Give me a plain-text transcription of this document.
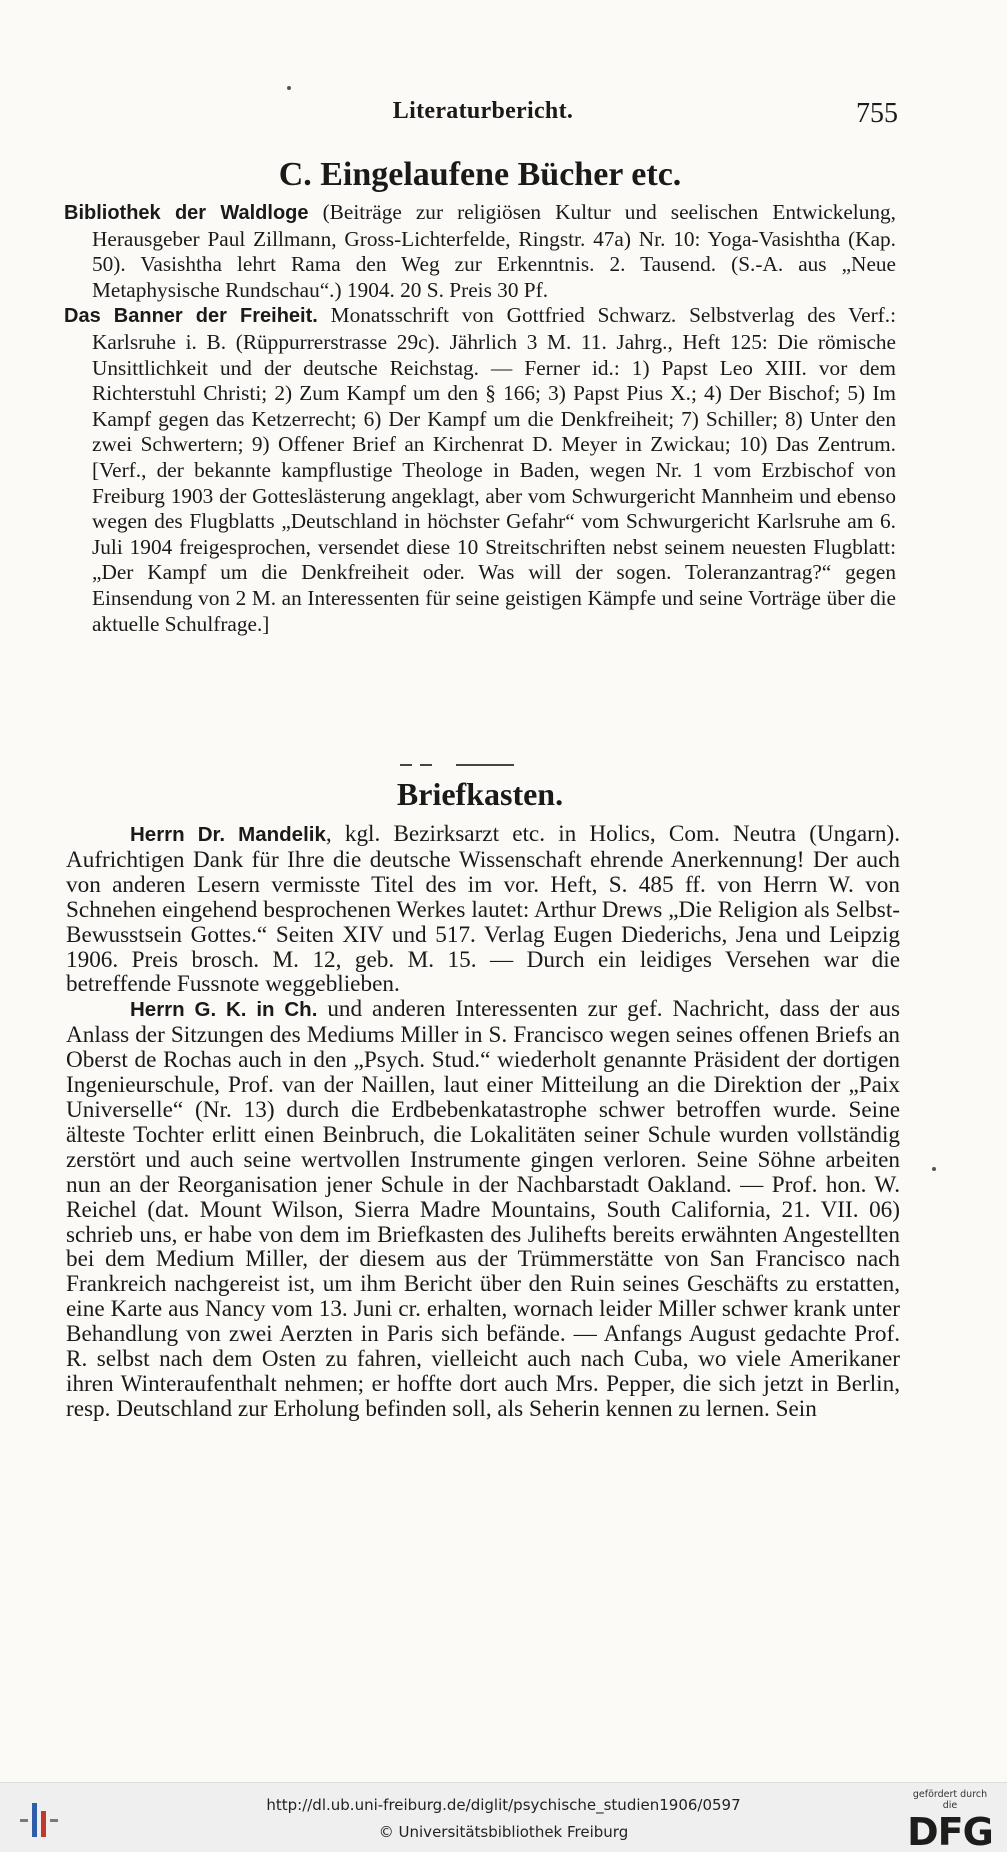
Literaturbericht.	755
C. Eingelaufene Bücher etc.

Bibliothek der Waldloge (Beiträge zur religiösen Kultur und seelischen Entwickelung, Herausgeber Paul Zillmann, Gross-Lichterfelde, Ringstr. 47a) Nr. 10: Yoga-Vasishtha (Kap. 50). Vasishtha lehrt Rama den Weg zur Erkenntnis. 2. Tausend. (S.-A. aus „Neue Metaphysische Rundschau“.) 1904. 20 S. Preis 30 Pf.

Das Banner der Freiheit. Monatsschrift von Gottfried Schwarz. Selbstverlag des Verf.: Karlsruhe i. B. (Rüppurrerstrasse 29c). Jährlich 3 M. 11. Jahrg., Heft 125: Die römische Unsittlichkeit und der deutsche Reichstag. — Ferner id.: 1) Papst Leo XIII. vor dem Richterstuhl Christi; 2) Zum Kampf um den § 166; 3) Papst Pius X.; 4) Der Bischof; 5) Im Kampf gegen das Ketzerrecht; 6) Der Kampf um die Denkfreiheit; 7) Schiller; 8) Unter den zwei Schwertern; 9) Offener Brief an Kirchenrat D. Meyer in Zwickau; 10) Das Zentrum. [Verf., der bekannte kampflustige Theologe in Baden, wegen Nr. 1 vom Erzbischof von Freiburg 1903 der Gotteslästerung angeklagt, aber vom Schwurgericht Mannheim und ebenso wegen des Flugblatts „Deutschland in höchster Gefahr“ vom Schwurgericht Karlsruhe am 6. Juli 1904 freigesprochen, versendet diese 10 Streitschriften nebst seinem neuesten Flugblatt: „Der Kampf um die Denkfreiheit oder. Was will der sogen. Toleranzantrag?“ gegen Einsendung von 2 M. an Interessenten für seine geistigen Kämpfe und seine Vorträge über die aktuelle Schulfrage.]

Briefkasten.

Herrn Dr. Mandelik, kgl. Bezirksarzt etc. in Holics, Com. Neutra (Ungarn). Aufrichtigen Dank für Ihre die deutsche Wissenschaft ehrende Anerkennung! Der auch von anderen Lesern vermisste Titel des im vor. Heft, S. 485 ff. von Herrn W. von Schnehen eingehend besprochenen Werkes lautet: Arthur Drews „Die Religion als Selbst-Bewusstsein Gottes.“ Seiten XIV und 517. Verlag Eugen Diederichs, Jena und Leipzig 1906. Preis brosch. M. 12, geb. M. 15. — Durch ein leidiges Versehen war die betreffende Fussnote weggeblieben.

Herrn G. K. in Ch. und anderen Interessenten zur gef. Nachricht, dass der aus Anlass der Sitzungen des Mediums Miller in S. Francisco wegen seines offenen Briefs an Oberst de Rochas auch in den „Psych. Stud.“ wiederholt genannte Präsident der dortigen Ingenieurschule, Prof. van der Naillen, laut einer Mitteilung an die Direktion der „Paix Universelle“ (Nr. 13) durch die Erdbebenkatastrophe schwer betroffen wurde. Seine älteste Tochter erlitt einen Beinbruch, die Lokalitäten seiner Schule wurden vollständig zerstört und auch seine wertvollen Instrumente gingen verloren. Seine Söhne arbeiten nun an der Reorganisation jener Schule in der Nachbarstadt Oakland. — Prof. hon. W. Reichel (dat. Mount Wilson, Sierra Madre Mountains, South California, 21. VII. 06) schrieb uns, er habe von dem im Briefkasten des Julihefts bereits erwähnten Angestellten bei dem Medium Miller, der diesem aus der Trümmerstätte von San Francisco nach Frankreich nachgereist ist, um ihm Bericht über den Ruin seines Geschäfts zu erstatten, eine Karte aus Nancy vom 13. Juni cr. erhalten, wornach leider Miller schwer krank unter Behandlung von zwei Aerzten in Paris sich befände. — Anfangs August gedachte Prof. R. selbst nach dem Osten zu fahren, vielleicht auch nach Cuba, wo viele Amerikaner ihren Winteraufenthalt nehmen; er hoffte dort auch Mrs. Pepper, die sich jetzt in Berlin, resp. Deutschland zur Erholung befinden soll, als Seherin kennen zu lernen. Sein

http://dl.ub.uni-freiburg.de/diglit/psychische_studien1906/0597
© Universitätsbibliothek Freiburg
gefördert durch die
DFG
